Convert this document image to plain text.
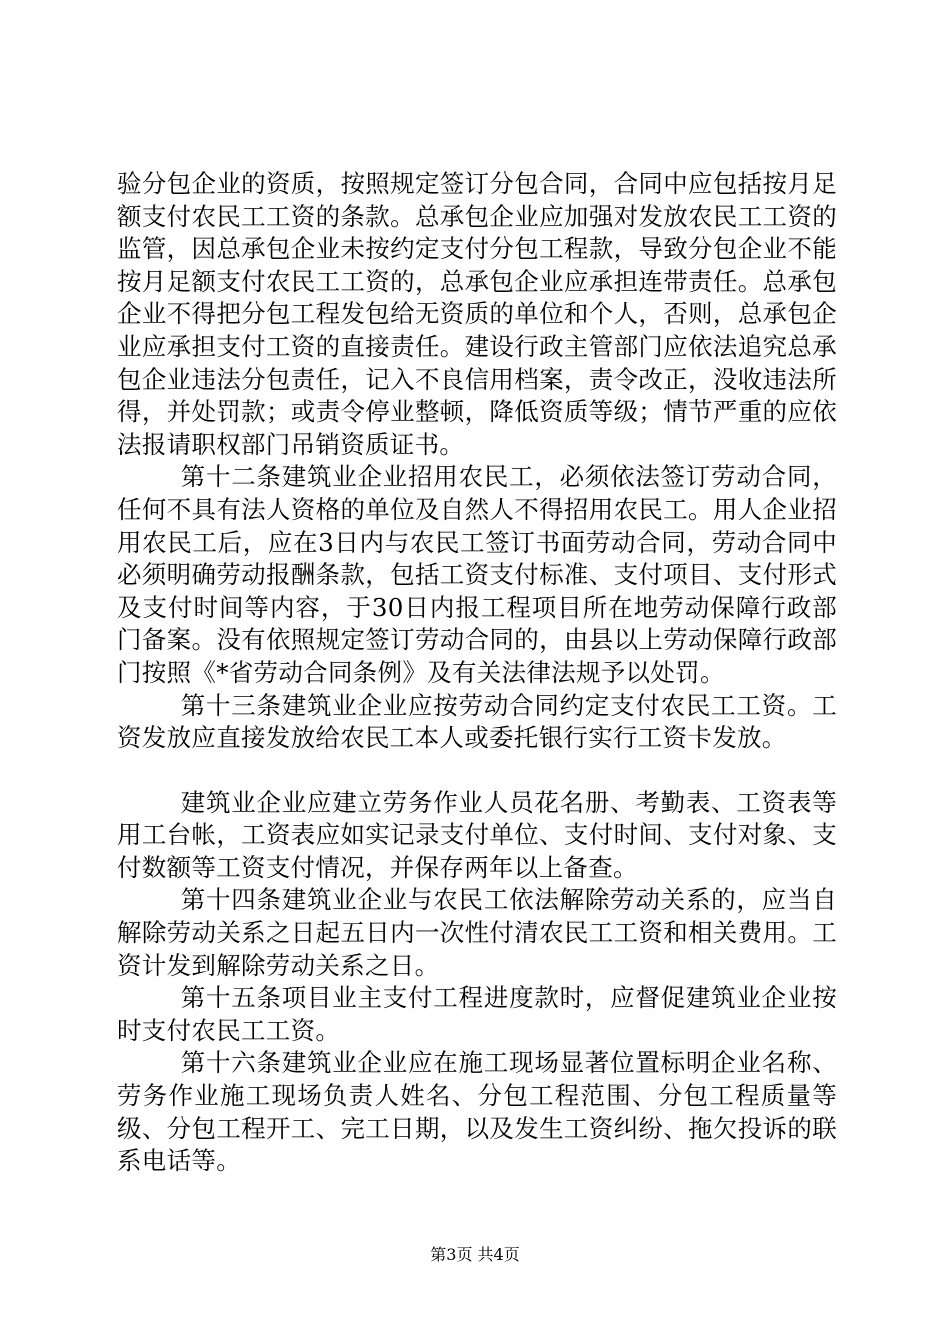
验分包企业的资质，按照规定签订分包合同，合同中应包括按月足额支付农民工工资的条款。总承包企业应加强对发放农民工工资的监管，因总承包企业未按约定支付分包工程款，导致分包企业不能按月足额支付农民工工资的，总承包企业应承担连带责任。总承包企业不得把分包工程发包给无资质的单位和个人，否则，总承包企业应承担支付工资的直接责任。建设行政主管部门应依法追究总承包企业违法分包责任，记入不良信用档案，责令改正，没收违法所得，并处罚款；或责令停业整顿，降低资质等级；情节严重的应依法报请职权部门吊销资质证书。

第十二条建筑业企业招用农民工，必须依法签订劳动合同，任何不具有法人资格的单位及自然人不得招用农民工。用人企业招用农民工后，应在3日内与农民工签订书面劳动合同，劳动合同中必须明确劳动报酬条款，包括工资支付标准、支付项目、支付形式及支付时间等内容，于30日内报工程项目所在地劳动保障行政部门备案。没有依照规定签订劳动合同的，由县以上劳动保障行政部门按照《*省劳动合同条例》及有关法律法规予以处罚。

第十三条建筑业企业应按劳动合同约定支付农民工工资。工资发放应直接发放给农民工本人或委托银行实行工资卡发放。

建筑业企业应建立劳务作业人员花名册、考勤表、工资表等用工台帐，工资表应如实记录支付单位、支付时间、支付对象、支付数额等工资支付情况，并保存两年以上备查。

第十四条建筑业企业与农民工依法解除劳动关系的，应当自解除劳动关系之日起五日内一次性付清农民工工资和相关费用。工资计发到解除劳动关系之日。

第十五条项目业主支付工程进度款时，应督促建筑业企业按时支付农民工工资。

第十六条建筑业企业应在施工现场显著位置标明企业名称、劳务作业施工现场负责人姓名、分包工程范围、分包工程质量等级、分包工程开工、完工日期，以及发生工资纠纷、拖欠投诉的联系电话等。

第3页 共4页
